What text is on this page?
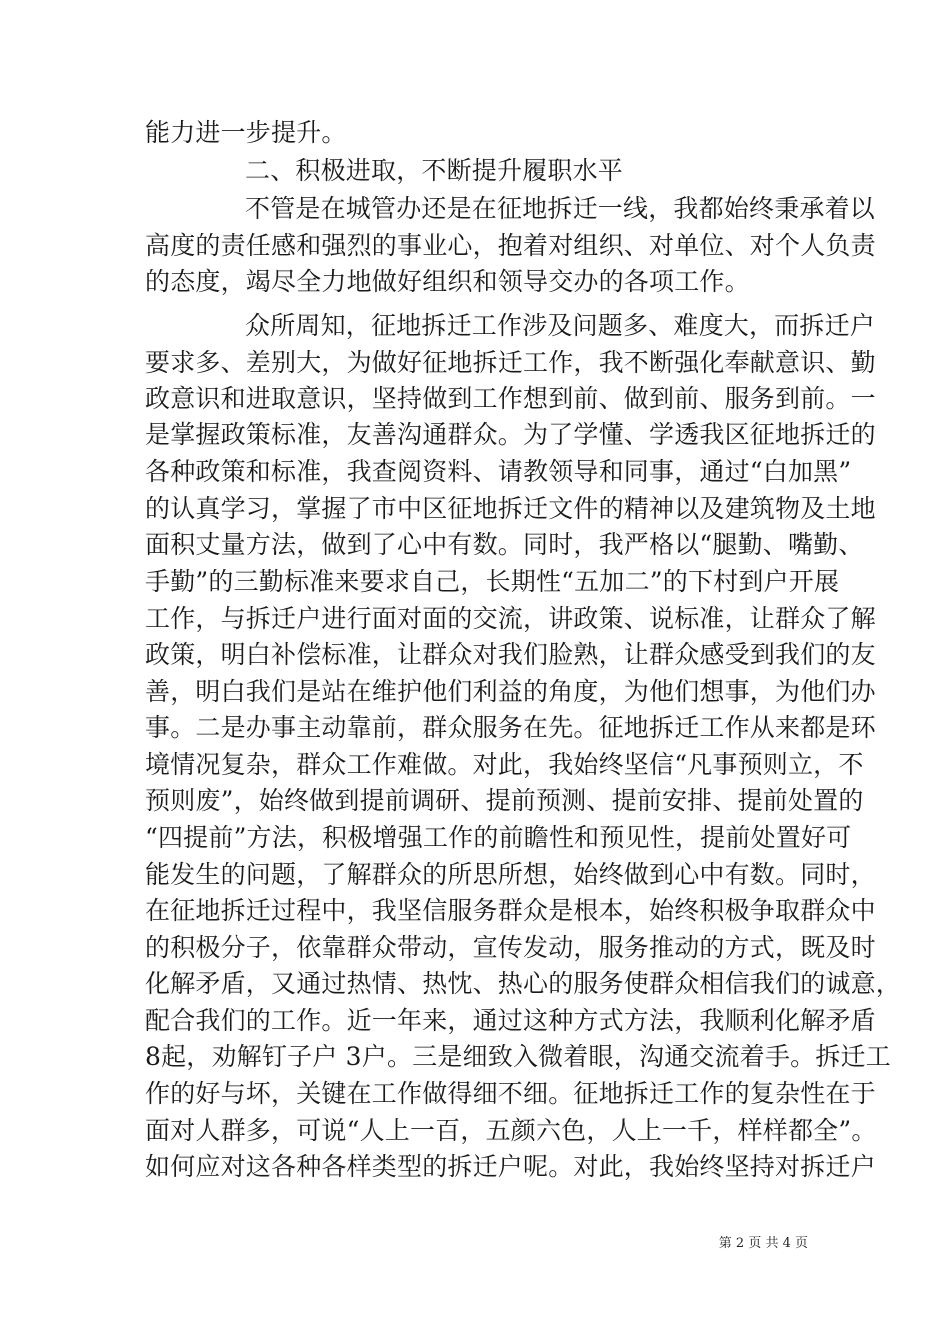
能力进一步提升。
二、积极进取，不断提升履职水平
不管是在城管办还是在征地拆迁一线，我都始终秉承着以
高度的责任感和强烈的事业心，抱着对组织、对单位、对个人负责
的态度，竭尽全力地做好组织和领导交办的各项工作。
众所周知，征地拆迁工作涉及问题多、难度大，而拆迁户
要求多、差别大，为做好征地拆迁工作，我不断强化奉献意识、勤
政意识和进取意识，坚持做到工作想到前、做到前、服务到前。一
是掌握政策标准，友善沟通群众。为了学懂、学透我区征地拆迁的
各种政策和标准，我查阅资料、请教领导和同事，通过“白加黑”
的认真学习，掌握了市中区征地拆迁文件的精神以及建筑物及土地
面积丈量方法，做到了心中有数。同时，我严格以“腿勤、嘴勤、
手勤”的三勤标准来要求自己，长期性“五加二”的下村到户开展
工作，与拆迁户进行面对面的交流，讲政策、说标准，让群众了解
政策，明白补偿标准，让群众对我们脸熟，让群众感受到我们的友
善，明白我们是站在维护他们利益的角度，为他们想事，为他们办
事。二是办事主动靠前，群众服务在先。征地拆迁工作从来都是环
境情况复杂，群众工作难做。对此，我始终坚信“凡事预则立，不
预则废”，始终做到提前调研、提前预测、提前安排、提前处置的
“四提前”方法，积极增强工作的前瞻性和预见性，提前处置好可
能发生的问题，了解群众的所思所想，始终做到心中有数。同时，
在征地拆迁过程中，我坚信服务群众是根本，始终积极争取群众中
的积极分子，依靠群众带动，宣传发动，服务推动的方式，既及时
化解矛盾，又通过热情、热忱、热心的服务使群众相信我们的诚意，
配合我们的工作。近一年来，通过这种方式方法，我顺利化解矛盾
8起，劝解钉子户 3户。三是细致入微着眼，沟通交流着手。拆迁工
作的好与坏，关键在工作做得细不细。征地拆迁工作的复杂性在于
面对人群多，可说“人上一百，五颜六色，人上一千，样样都全”。
如何应对这各种各样类型的拆迁户呢。对此，我始终坚持对拆迁户
第 2 页 共 4 页
